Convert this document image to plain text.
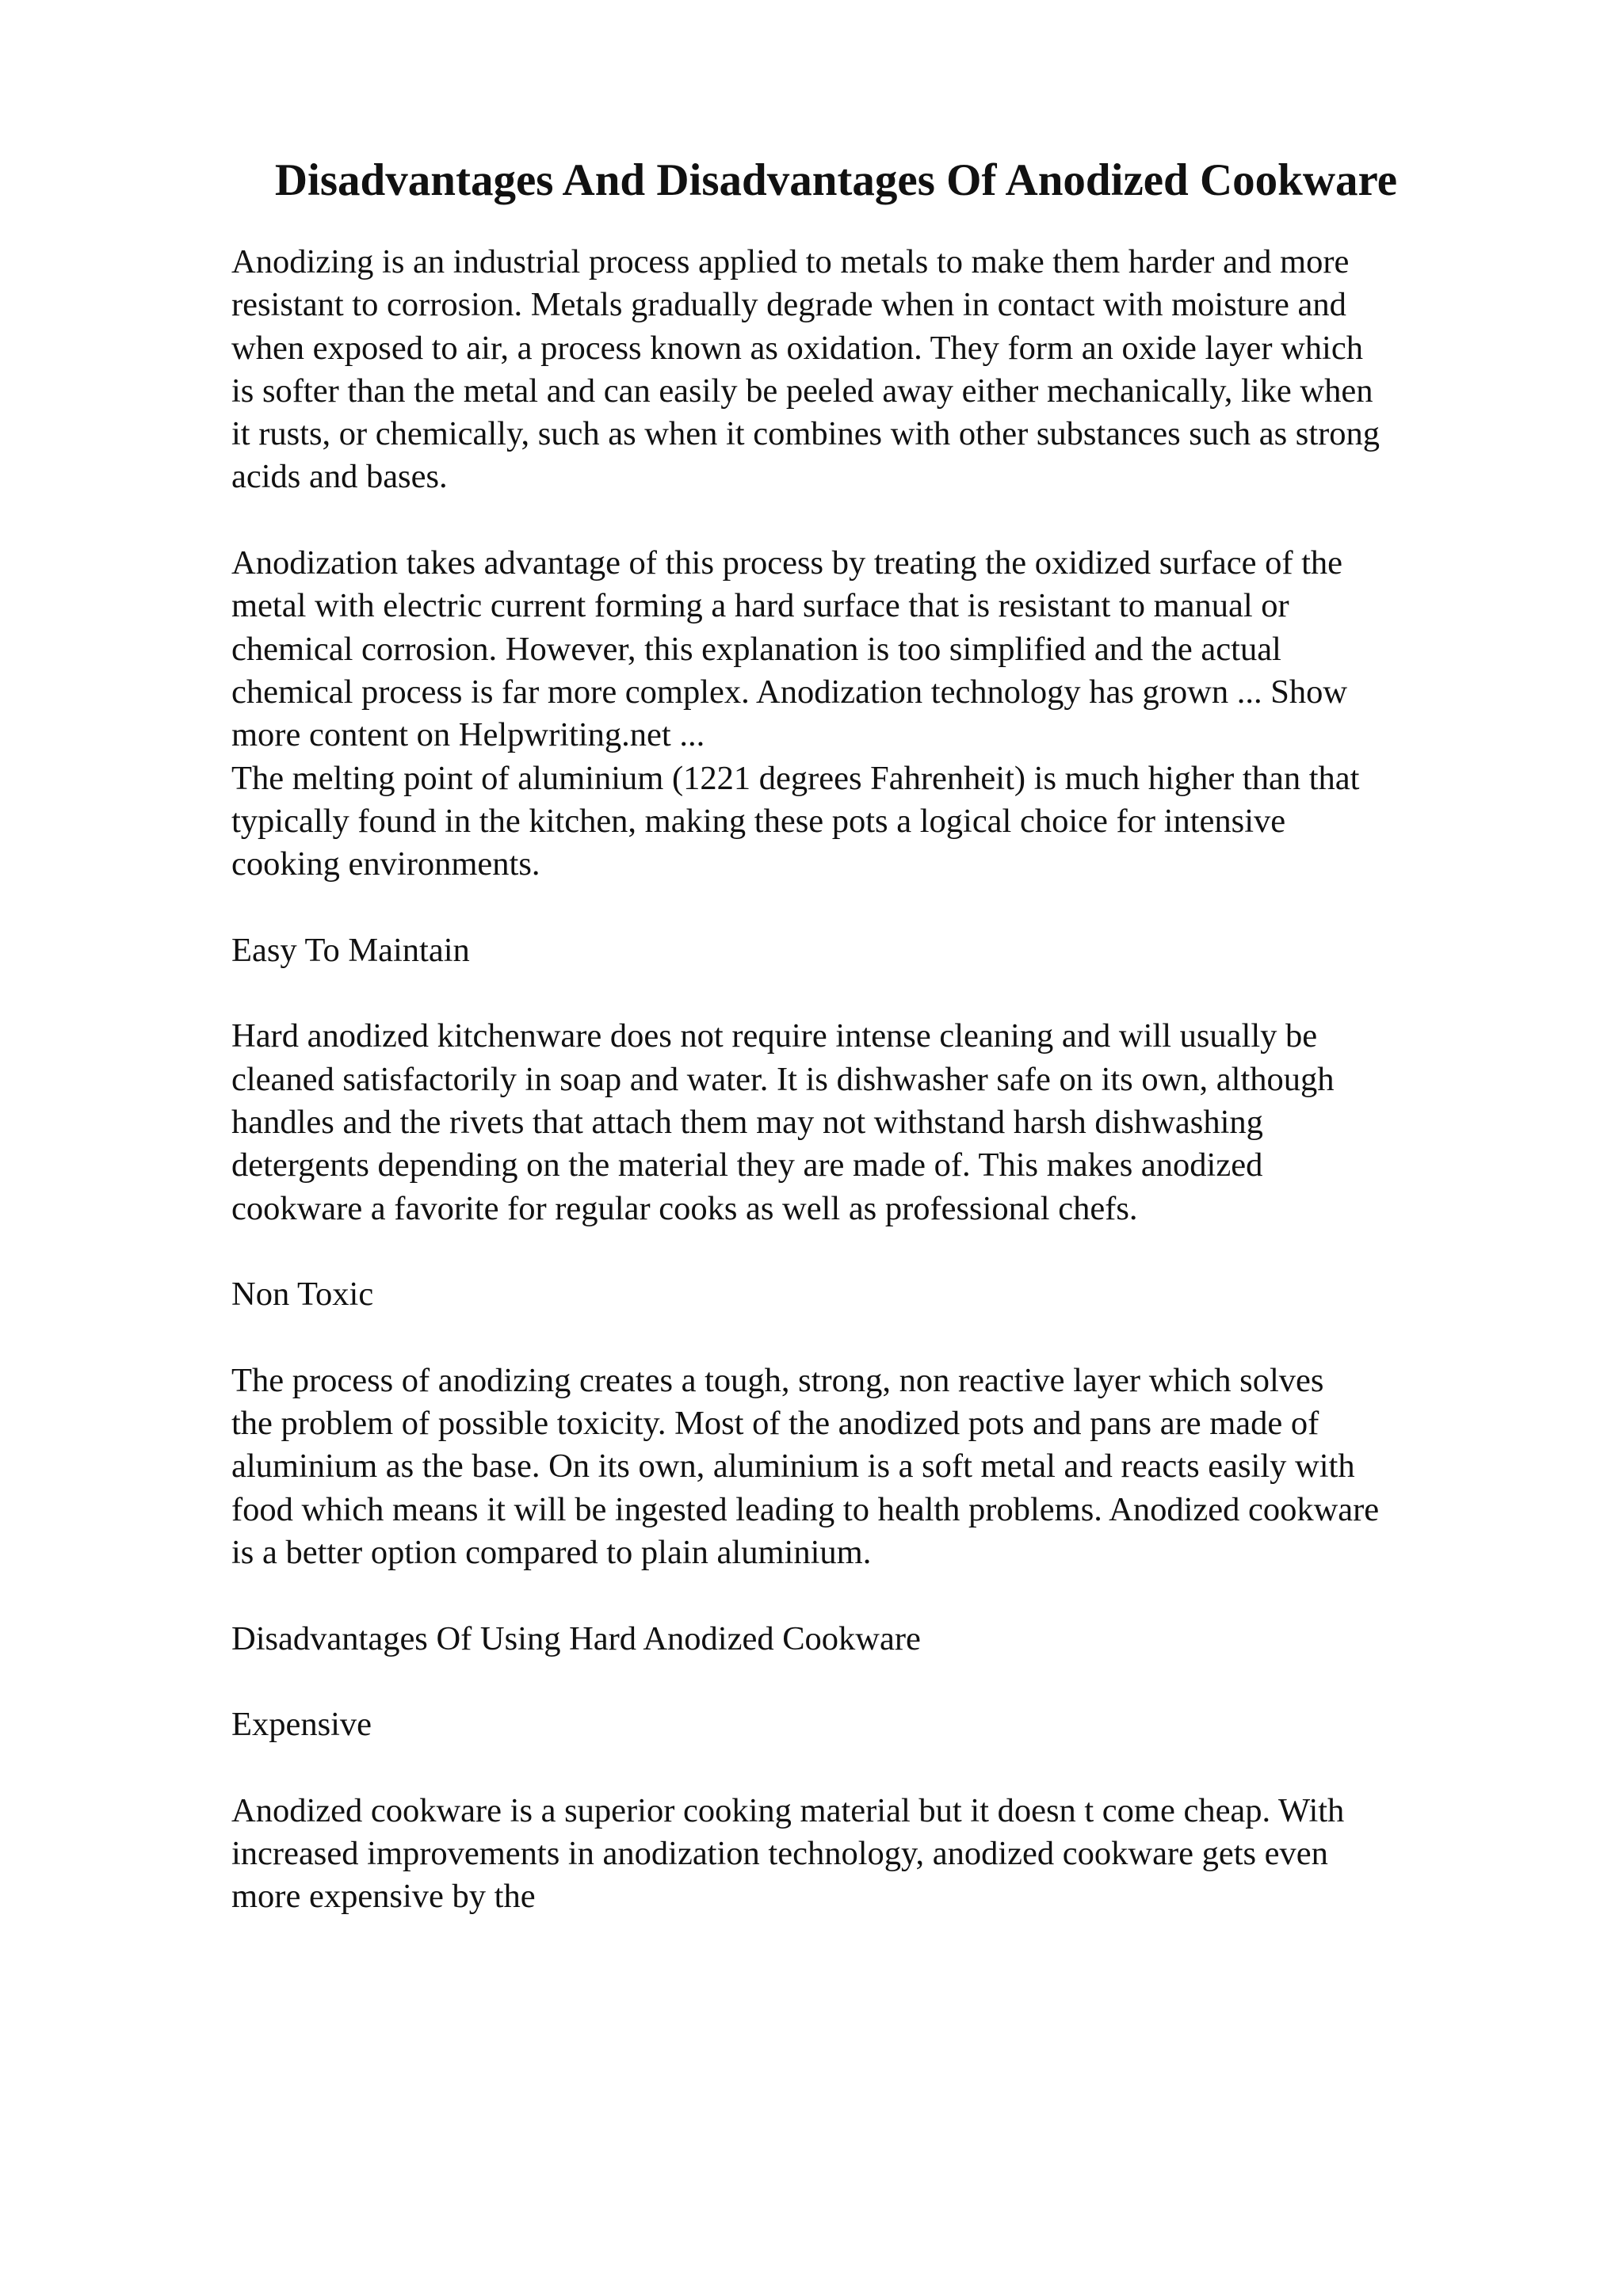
Disadvantages And Disadvantages Of Anodized Cookware

Anodizing is an industrial process applied to metals to make them harder and more
resistant to corrosion. Metals gradually degrade when in contact with moisture and
when exposed to air, a process known as oxidation. They form an oxide layer which
is softer than the metal and can easily be peeled away either mechanically, like when
it rusts, or chemically, such as when it combines with other substances such as strong
acids and bases.

Anodization takes advantage of this process by treating the oxidized surface of the
metal with electric current forming a hard surface that is resistant to manual or
chemical corrosion. However, this explanation is too simplified and the actual
chemical process is far more complex. Anodization technology has grown ... Show
more content on Helpwriting.net ...

The melting point of aluminium (1221 degrees Fahrenheit) is much higher than that
typically found in the kitchen, making these pots a logical choice for intensive
cooking environments.

Easy To Maintain

Hard anodized kitchenware does not require intense cleaning and will usually be
cleaned satisfactorily in soap and water. It is dishwasher safe on its own, although
handles and the rivets that attach them may not withstand harsh dishwashing
detergents depending on the material they are made of. This makes anodized
cookware a favorite for regular cooks as well as professional chefs.

Non Toxic

The process of anodizing creates a tough, strong, non reactive layer which solves
the problem of possible toxicity. Most of the anodized pots and pans are made of
aluminium as the base. On its own, aluminium is a soft metal and reacts easily with
food which means it will be ingested leading to health problems. Anodized cookware
is a better option compared to plain aluminium.

Disadvantages Of Using Hard Anodized Cookware

Expensive

Anodized cookware is a superior cooking material but it doesn t come cheap. With
increased improvements in anodization technology, anodized cookware gets even
more expensive by the
